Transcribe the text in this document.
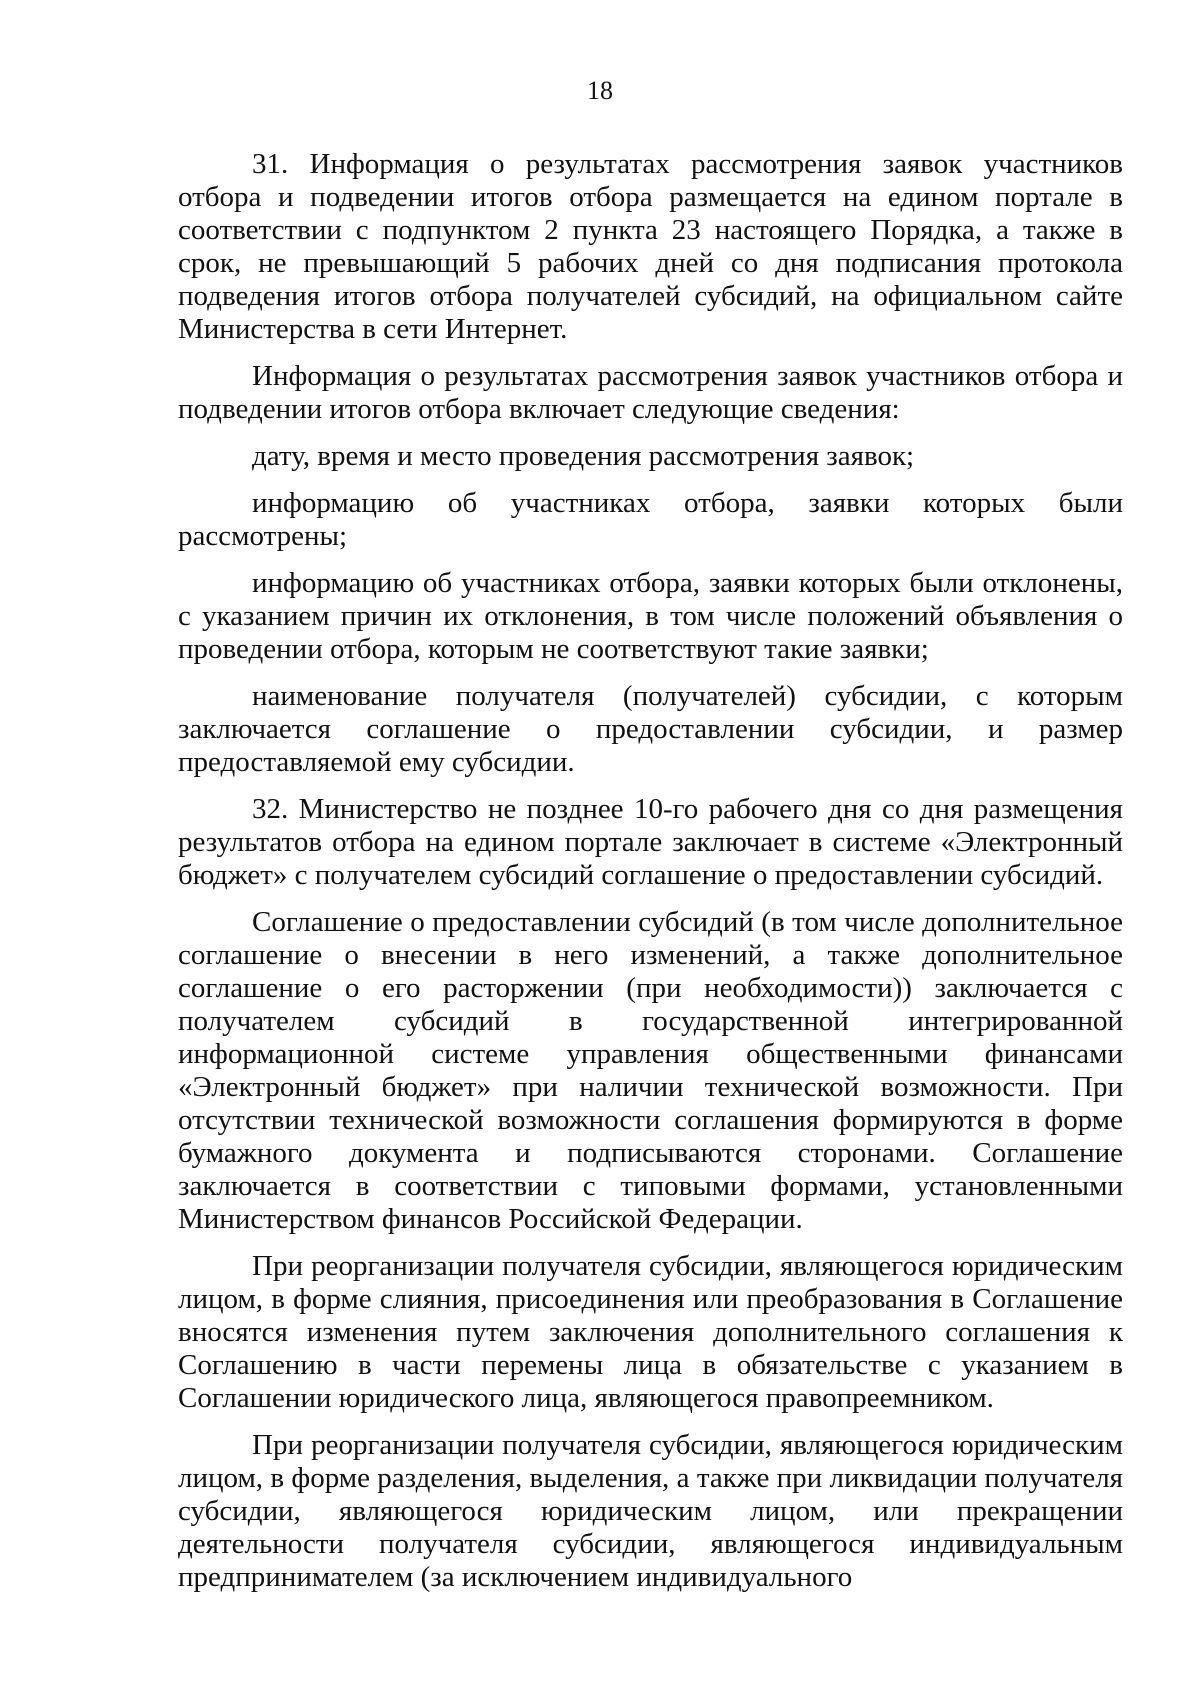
18

31. Информация о результатах рассмотрения заявок участников отбора и подведении итогов отбора размещается на едином портале в соответствии с подпунктом 2 пункта 23 настоящего Порядка, а также в срок, не превышающий 5 рабочих дней со дня подписания протокола подведения итогов отбора получателей субсидий, на официальном сайте Министерства в сети Интернет.

Информация о результатах рассмотрения заявок участников отбора и подведении итогов отбора включает следующие сведения:

дату, время и место проведения рассмотрения заявок;

информацию об участниках отбора, заявки которых были рассмотрены;

информацию об участниках отбора, заявки которых были отклонены, с указанием причин их отклонения, в том числе положений объявления о проведении отбора, которым не соответствуют такие заявки;

наименование получателя (получателей) субсидии, с которым заключается соглашение о предоставлении субсидии, и размер предоставляемой ему субсидии.

32. Министерство не позднее 10-го рабочего дня со дня размещения результатов отбора на едином портале заключает в системе «Электронный бюджет» с получателем субсидий соглашение о предоставлении субсидий.

Соглашение о предоставлении субсидий (в том числе дополнительное соглашение о внесении в него изменений, а также дополнительное соглашение о его расторжении (при необходимости)) заключается с получателем субсидий в государственной интегрированной информационной системе управления общественными финансами «Электронный бюджет» при наличии технической возможности. При отсутствии технической возможности соглашения формируются в форме бумажного документа и подписываются сторонами. Соглашение заключается в соответствии с типовыми формами, установленными Министерством финансов Российской Федерации.

При реорганизации получателя субсидии, являющегося юридическим лицом, в форме слияния, присоединения или преобразования в Соглашение вносятся изменения путем заключения дополнительного соглашения к Соглашению в части перемены лица в обязательстве с указанием в Соглашении юридического лица, являющегося правопреемником.

При реорганизации получателя субсидии, являющегося юридическим лицом, в форме разделения, выделения, а также при ликвидации получателя субсидии, являющегося юридическим лицом, или прекращении деятельности получателя субсидии, являющегося индивидуальным предпринимателем (за исключением индивидуального
